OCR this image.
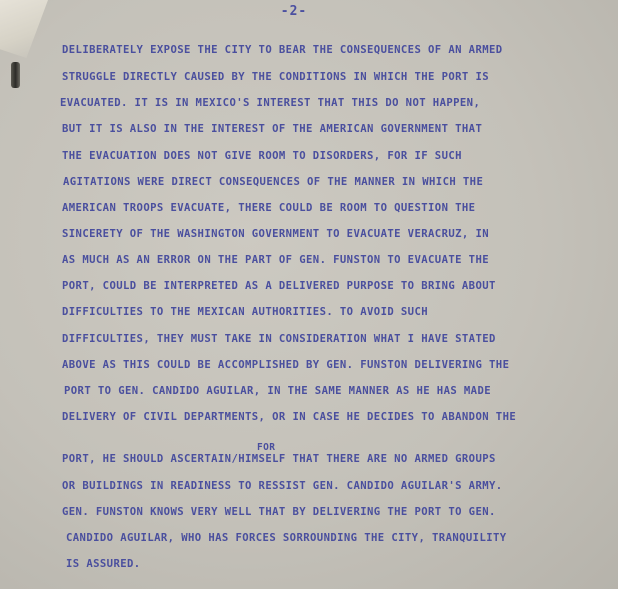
-2-
DELIBERATELY EXPOSE THE CITY TO BEAR THE CONSEQUENCES OF AN ARMED
STRUGGLE DIRECTLY CAUSED BY THE CONDITIONS IN WHICH THE PORT IS
EVACUATED. IT IS IN MEXICO'S INTEREST THAT THIS DO NOT HAPPEN,
BUT IT IS ALSO IN THE INTEREST OF THE AMERICAN GOVERNMENT THAT
THE EVACUATION DOES NOT GIVE ROOM TO DISORDERS, FOR IF SUCH
AGITATIONS WERE DIRECT CONSEQUENCES OF THE MANNER IN WHICH THE
AMERICAN TROOPS EVACUATE, THERE COULD BE ROOM TO QUESTION THE
SINCERETY OF THE WASHINGTON GOVERNMENT TO EVACUATE VERACRUZ, IN
AS MUCH AS AN ERROR ON THE PART OF GEN. FUNSTON TO EVACUATE THE
PORT, COULD BE INTERPRETED AS A DELIVERED PURPOSE TO BRING ABOUT
DIFFICULTIES TO THE MEXICAN AUTHORITIES. TO AVOID SUCH
DIFFICULTIES, THEY MUST TAKE IN CONSIDERATION WHAT I HAVE STATED
ABOVE AS THIS COULD BE ACCOMPLISHED BY GEN. FUNSTON DELIVERING THE
PORT TO GEN. CANDIDO AGUILAR, IN THE SAME MANNER AS HE HAS MADE
DELIVERY OF CIVIL DEPARTMENTS, OR IN CASE HE DECIDES TO ABANDON THE
PORT, HE SHOULD ASCERTAIN/HIMSELF THAT THERE ARE NO ARMED GROUPS
OR BUILDINGS IN READINESS TO RESSIST GEN. CANDIDO AGUILAR'S ARMY.
GEN. FUNSTON KNOWS VERY WELL THAT BY DELIVERING THE PORT TO GEN.
CANDIDO AGUILAR, WHO HAS FORCES SORROUNDING THE CITY, TRANQUILITY
IS ASSURED.
FOR
